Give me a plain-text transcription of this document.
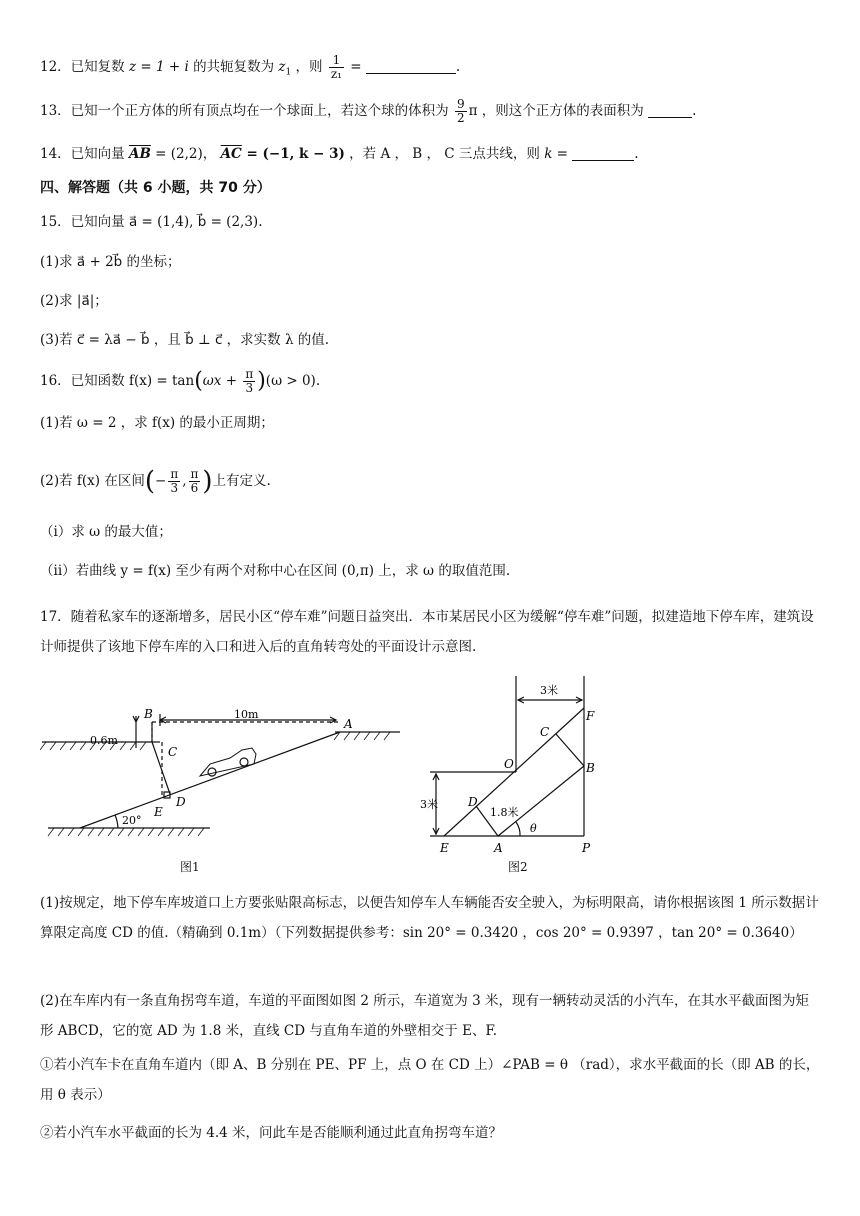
12．已知复数 z = 1 + i 的共轭复数为 $z_1$ ，则 $\frac{1}{\text{z₁}}$ =	.
13．已知一个正方体的所有顶点均在一个球面上，若这个球的体积为 $\frac{9}{2}$ π ，则这个正方体的表面积为	.
14．已知向量 $\overline{AB} = (2,2)$， $\overline{AC} = (-1$, k − 3) ，若 A ， B ， C 三点共线，则 k =	.
四、解答题（共 6 小题，共 70 分）
15．已知向量 a⃗ = (1,4), b⃗ = (2,3).
(1)求 a⃗ + 2b⃗ 的坐标；
(2)求 |a⃗|；
(3)若 c⃗ = λa⃗ − b⃗ ，且 b⃗ ⊥ c⃗ ，求实数 λ 的值.
16．已知函数 $f(x) = \tan(\omega x + \frac{\pi}{3} )(\omega > 0)$.
(1)若 ω = 2 ，求 f(x) 的最小正周期；
(2)若 f(x) 在区间(− $\frac{\pi}{3}$ , $\frac{\pi}{6}$ )上有定义.
（i）求 ω 的最大值；
（ii）若曲线 y = f(x) 至少有两个对称中心在区间 (0,π) 上，求 ω 的取值范围.
17．随着私家车的逐渐增多，居民小区“停车难”问题日益突出．本市某居民小区为缓解“停车难”问题，拟建造地下停车库，建筑设计师提供了该地下停车库的入口和进入后的直角转弯处的平面设计示意图.
B
A
C
D
E
10m
0.6m
20°
图1
3米
3米
1.8米
θ
F
C
O	B
D
E	A	P
图2
(1)按规定，地下停车库坡道口上方要张贴限高标志，以便告知停车人车辆能否安全驶入，为标明限高，请你根据该图 1 所示数据计算限定高度 CD 的值.（精确到 0.1m）（下列数据提供参考：sin 20° = 0.3420 ，cos 20° = 0.9397 ，tan 20° = 0.3640）
(2)在车库内有一条直角拐弯车道，车道的平面图如图 2 所示，车道宽为 3 米，现有一辆转动灵活的小汽车，在其水平截面图为矩形 ABCD，它的宽 AD 为 1.8 米，直线 CD 与直角车道的外壁相交于 E、F.
①若小汽车卡在直角车道内（即 A、B 分别在 PE、PF 上，点 O 在 CD 上）∠PAB = θ （rad），求水平截面的长（即 AB 的长，用 θ 表示）
②若小汽车水平截面的长为 4.4 米，问此车是否能顺利通过此直角拐弯车道？
